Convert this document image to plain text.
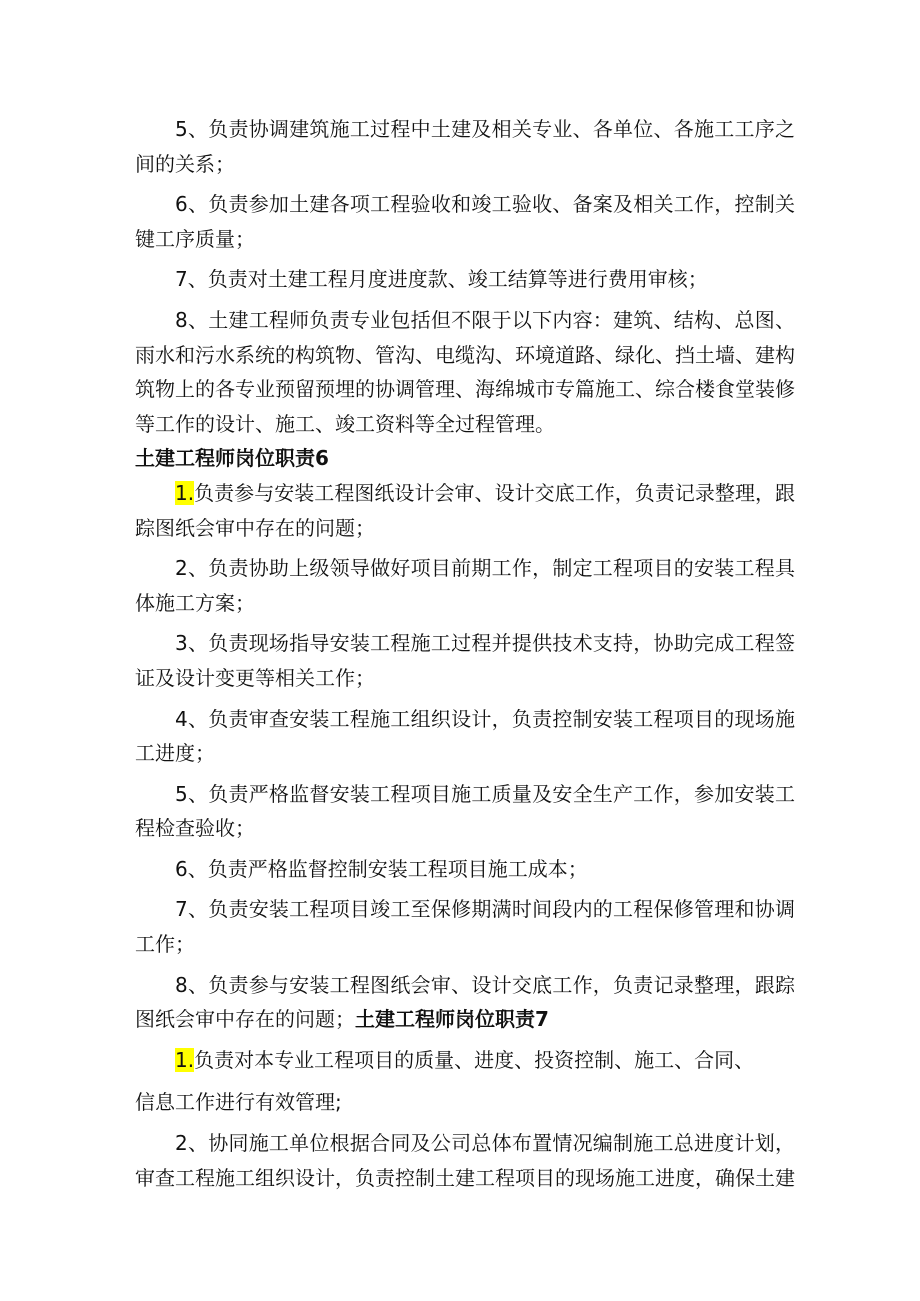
5、负责协调建筑施工过程中土建及相关专业、各单位、各施工工序之间的关系；

6、负责参加土建各项工程验收和竣工验收、备案及相关工作，控制关键工序质量；

7、负责对土建工程月度进度款、竣工结算等进行费用审核；

8、土建工程师负责专业包括但不限于以下内容：建筑、结构、总图、雨水和污水系统的构筑物、管沟、电缆沟、环境道路、绿化、挡土墙、建构筑物上的各专业预留预埋的协调管理、海绵城市专篇施工、综合楼食堂装修等工作的设计、施工、竣工资料等全过程管理。

土建工程师岗位职责6

1.负责参与安装工程图纸设计会审、设计交底工作，负责记录整理，跟踪图纸会审中存在的问题；

2、负责协助上级领导做好项目前期工作，制定工程项目的安装工程具体施工方案；

3、负责现场指导安装工程施工过程并提供技术支持，协助完成工程签证及设计变更等相关工作；

4、负责审查安装工程施工组织设计，负责控制安装工程项目的现场施工进度；

5、负责严格监督安装工程项目施工质量及安全生产工作，参加安装工程检查验收；

6、负责严格监督控制安装工程项目施工成本；

7、负责安装工程项目竣工至保修期满时间段内的工程保修管理和协调工作；

8、负责参与安装工程图纸会审、设计交底工作，负责记录整理，跟踪图纸会审中存在的问题；土建工程师岗位职责7

1.负责对本专业工程项目的质量、进度、投资控制、施工、合同、

信息工作进行有效管理;

2、协同施工单位根据合同及公司总体布置情况编制施工总进度计划，审查工程施工组织设计，负责控制土建工程项目的现场施工进度，确保土建
